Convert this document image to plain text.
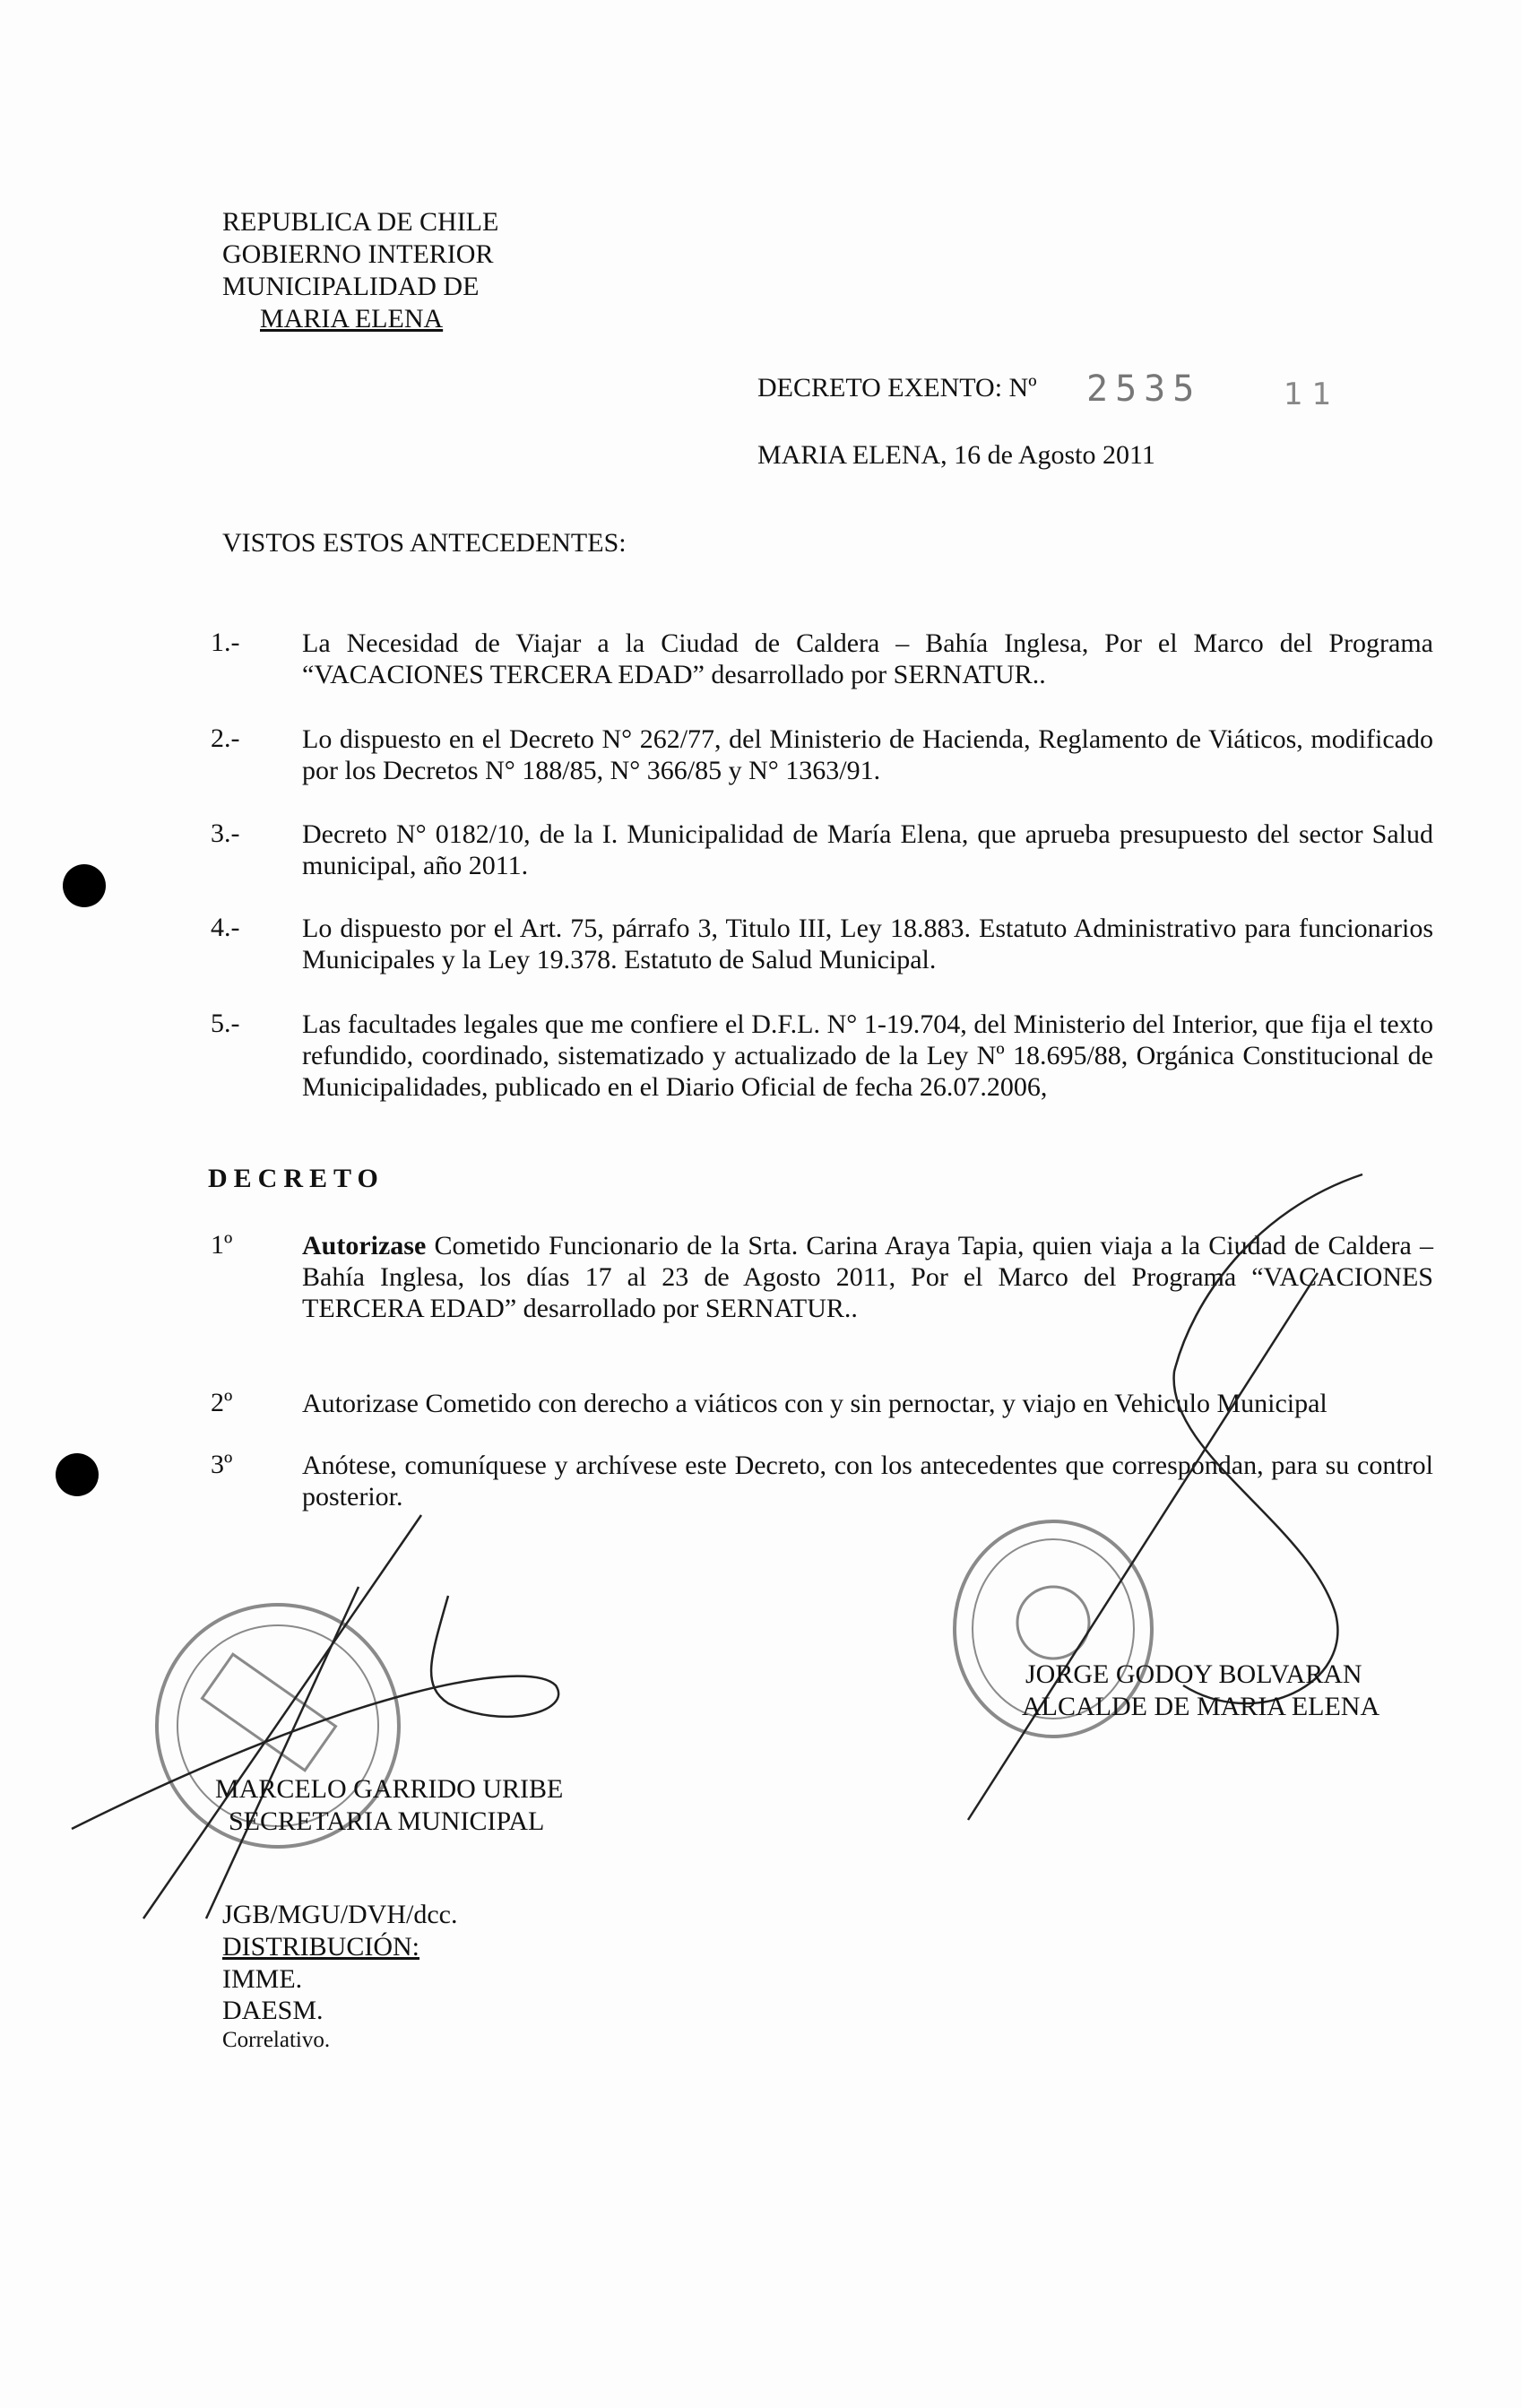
REPUBLICA DE CHILE
GOBIERNO INTERIOR
MUNICIPALIDAD DE
MARIA ELENA
DECRETO EXENTO: Nº 2535	11
MARIA ELENA, 16 de Agosto 2011
VISTOS ESTOS ANTECEDENTES:
1.- La Necesidad de Viajar a la Ciudad de Caldera – Bahía Inglesa, Por el Marco del Programa “VACACIONES TERCERA EDAD” desarrollado por SERNATUR..
2.- Lo dispuesto en el Decreto N° 262/77, del Ministerio de Hacienda, Reglamento de Viáticos, modificado por los Decretos N° 188/85, N° 366/85 y N° 1363/91.
3.- Decreto N° 0182/10, de la I. Municipalidad de María Elena, que aprueba presupuesto del sector Salud municipal, año 2011.
4.- Lo dispuesto por el Art. 75, párrafo 3, Titulo III, Ley 18.883. Estatuto Administrativo para funcionarios Municipales y la Ley 19.378. Estatuto de Salud Municipal.
5.- Las facultades legales que me confiere el D.F.L. N° 1-19.704, del Ministerio del Interior, que fija el texto refundido, coordinado, sistematizado y actualizado de la Ley Nº 18.695/88, Orgánica Constitucional de Municipalidades, publicado en el Diario Oficial de fecha 26.07.2006,
DECRETO
1º	Autorizase Cometido Funcionario de la Srta. Carina Araya Tapia, quien viaja a la Ciudad de Caldera – Bahía Inglesa, los días 17 al 23 de Agosto 2011, Por el Marco del Programa “VACACIONES TERCERA EDAD” desarrollado por SERNATUR..
2º	Autorizase Cometido con derecho a viáticos con y sin pernoctar, y viajo en Vehiculo Municipal
3º	Anótese, comuníquese y archívese este Decreto, con los antecedentes que correspondan, para su control posterior.
MARCELO GARRIDO URIBE
SECRETARIA MUNICIPAL
JORGE GODOY BOLVARAN
ALCALDE DE MARIA ELENA
JGB/MGU/DVH/dcc.
DISTRIBUCIÓN:
IMME.
DAESM.
Correlativo.
